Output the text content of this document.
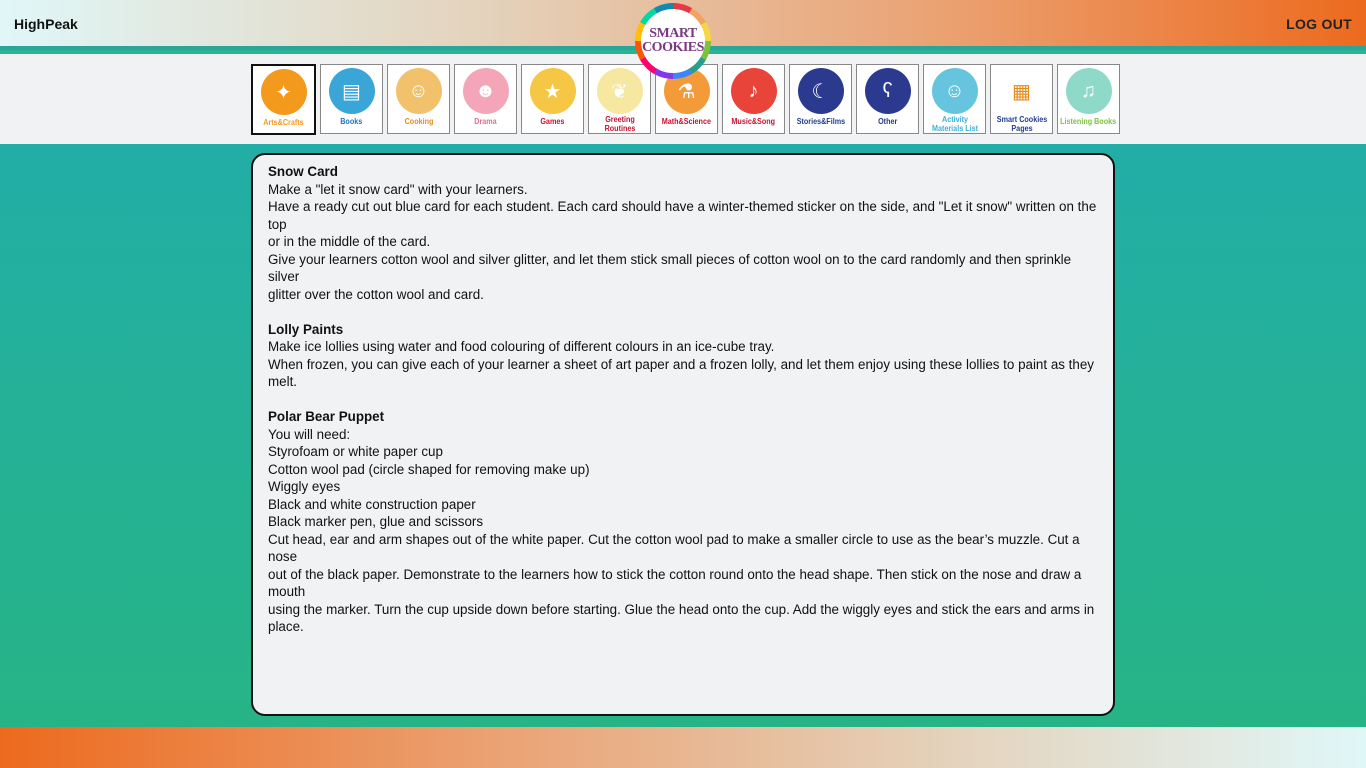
HighPeak	LOG OUT
SMART
COOKIES
✦
Arts&Crafts
▤
Books
☺
Cooking
☻
Drama
★
Games
❦
Greeting Routines
⚗
Math&Science
♪
Music&Song
☾
Stories&Films
ʕ
Other
☺
Activity Materials List
▦
Smart Cookies Pages
♫
Listening Books
Snow Card
Make a "let it snow card" with your learners.
Have a ready cut out blue card for each student. Each card should have a winter-themed sticker on the side, and "Let it snow" written on the top
or in the middle of the card.
Give your learners cotton wool and silver glitter, and let them stick small pieces of cotton wool on to the card randomly and then sprinkle silver
glitter over the cotton wool and card.
Lolly Paints
Make ice lollies using water and food colouring of different colours in an ice-cube tray.
When frozen, you can give each of your learner a sheet of art paper and a frozen lolly, and let them enjoy using these lollies to paint as they melt.
Polar Bear Puppet
You will need:
Styrofoam or white paper cup
Cotton wool pad (circle shaped for removing make up)
Wiggly eyes
Black and white construction paper
Black marker pen, glue and scissors
Cut head, ear and arm shapes out of the white paper. Cut the cotton wool pad to make a smaller circle to use as the bear’s muzzle. Cut a nose
out of the black paper. Demonstrate to the learners how to stick the cotton round onto the head shape. Then stick on the nose and draw a mouth
using the marker. Turn the cup upside down before starting. Glue the head onto the cup. Add the wiggly eyes and stick the ears and arms in
place.
